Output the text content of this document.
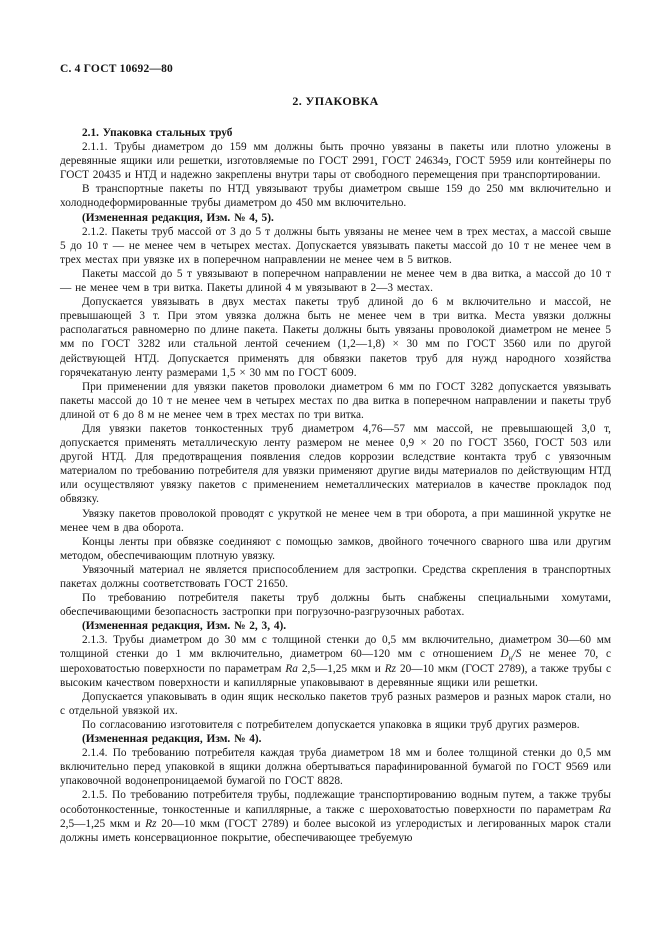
С. 4 ГОСТ 10692—80

2. УПАКОВКА

2.1. Упаковка стальных труб

2.1.1. Трубы диаметром до 159 мм должны быть прочно увязаны в пакеты или плотно уложены в деревянные ящики или решетки, изготовляемые по ГОСТ 2991, ГОСТ 24634э, ГОСТ 5959 или контейнеры по ГОСТ 20435 и НТД и надежно закреплены внутри тары от свободного перемещения при транспортировании.

В транспортные пакеты по НТД увязывают трубы диаметром свыше 159 до 250 мм включительно и холоднодеформированные трубы диаметром до 450 мм включительно.

(Измененная редакция, Изм. № 4, 5).

2.1.2. Пакеты труб массой от 3 до 5 т должны быть увязаны не менее чем в трех местах, а массой свыше 5 до 10 т — не менее чем в четырех местах. Допускается увязывать пакеты массой до 10 т не менее чем в трех местах при увязке их в поперечном направлении не менее чем в 5 витков.

Пакеты массой до 5 т увязывают в поперечном направлении не менее чем в два витка, а массой до 10 т — не менее чем в три витка. Пакеты длиной 4 м увязывают в 2—3 местах.

Допускается увязывать в двух местах пакеты труб длиной до 6 м включительно и массой, не превышающей 3 т. При этом увязка должна быть не менее чем в три витка. Места увязки должны располагаться равномерно по длине пакета. Пакеты должны быть увязаны проволокой диаметром не менее 5 мм по ГОСТ 3282 или стальной лентой сечением (1,2—1,8) × 30 мм по ГОСТ 3560 или по другой действующей НТД. Допускается применять для обвязки пакетов труб для нужд народного хозяйства горячекатаную ленту размерами 1,5 × 30 мм по ГОСТ 6009.

При применении для увязки пакетов проволоки диаметром 6 мм по ГОСТ 3282 допускается увязывать пакеты массой до 10 т не менее чем в четырех местах по два витка в поперечном направлении и пакеты труб длиной от 6 до 8 м не менее чем в трех местах по три витка.

Для увязки пакетов тонкостенных труб диаметром 4,76—57 мм массой, не превышающей 3,0 т, допускается применять металлическую ленту размером не менее 0,9 × 20 по ГОСТ 3560, ГОСТ 503 или другой НТД. Для предотвращения появления следов коррозии вследствие контакта труб с увязочным материалом по требованию потребителя для увязки применяют другие виды материалов по действующим НТД или осуществляют увязку пакетов с применением неметаллических материалов в качестве прокладок под обвязку.

Увязку пакетов проволокой проводят с укруткой не менее чем в три оборота, а при машинной укрутке не менее чем в два оборота.

Концы ленты при обвязке соединяют с помощью замков, двойного точечного сварного шва или другим методом, обеспечивающим плотную увязку.

Увязочный материал не является приспособлением для застропки. Средства скрепления в транспортных пакетах должны соответствовать ГОСТ 21650.

По требованию потребителя пакеты труб должны быть снабжены специальными хомутами, обеспечивающими безопасность застропки при погрузочно-разгрузочных работах.

(Измененная редакция, Изм. № 2, 3, 4).

2.1.3. Трубы диаметром до 30 мм с толщиной стенки до 0,5 мм включительно, диаметром 30—60 мм толщиной стенки до 1 мм включительно, диаметром 60—120 мм с отношением $D_н/S$ не менее 70, с шероховатостью поверхности по параметрам Ra 2,5—1,25 мкм и Rz 20—10 мкм (ГОСТ 2789), а также трубы с высоким качеством поверхности и капиллярные упаковывают в деревянные ящики или решетки.

Допускается упаковывать в один ящик несколько пакетов труб разных размеров и разных марок стали, но с отдельной увязкой их.

По согласованию изготовителя с потребителем допускается упаковка в ящики труб других размеров.

(Измененная редакция, Изм. № 4).

2.1.4. По требованию потребителя каждая труба диаметром 18 мм и более толщиной стенки до 0,5 мм включительно перед упаковкой в ящики должна обертываться парафинированной бумагой по ГОСТ 9569 или упаковочной водонепроницаемой бумагой по ГОСТ 8828.

2.1.5. По требованию потребителя трубы, подлежащие транспортированию водным путем, а также трубы особотонкостенные, тонкостенные и капиллярные, а также с шероховатостью поверхности по параметрам Ra 2,5—1,25 мкм и Rz 20—10 мкм (ГОСТ 2789) и более высокой из углеродистых и легированных марок стали должны иметь консервационное покрытие, обеспечивающее требуемую
